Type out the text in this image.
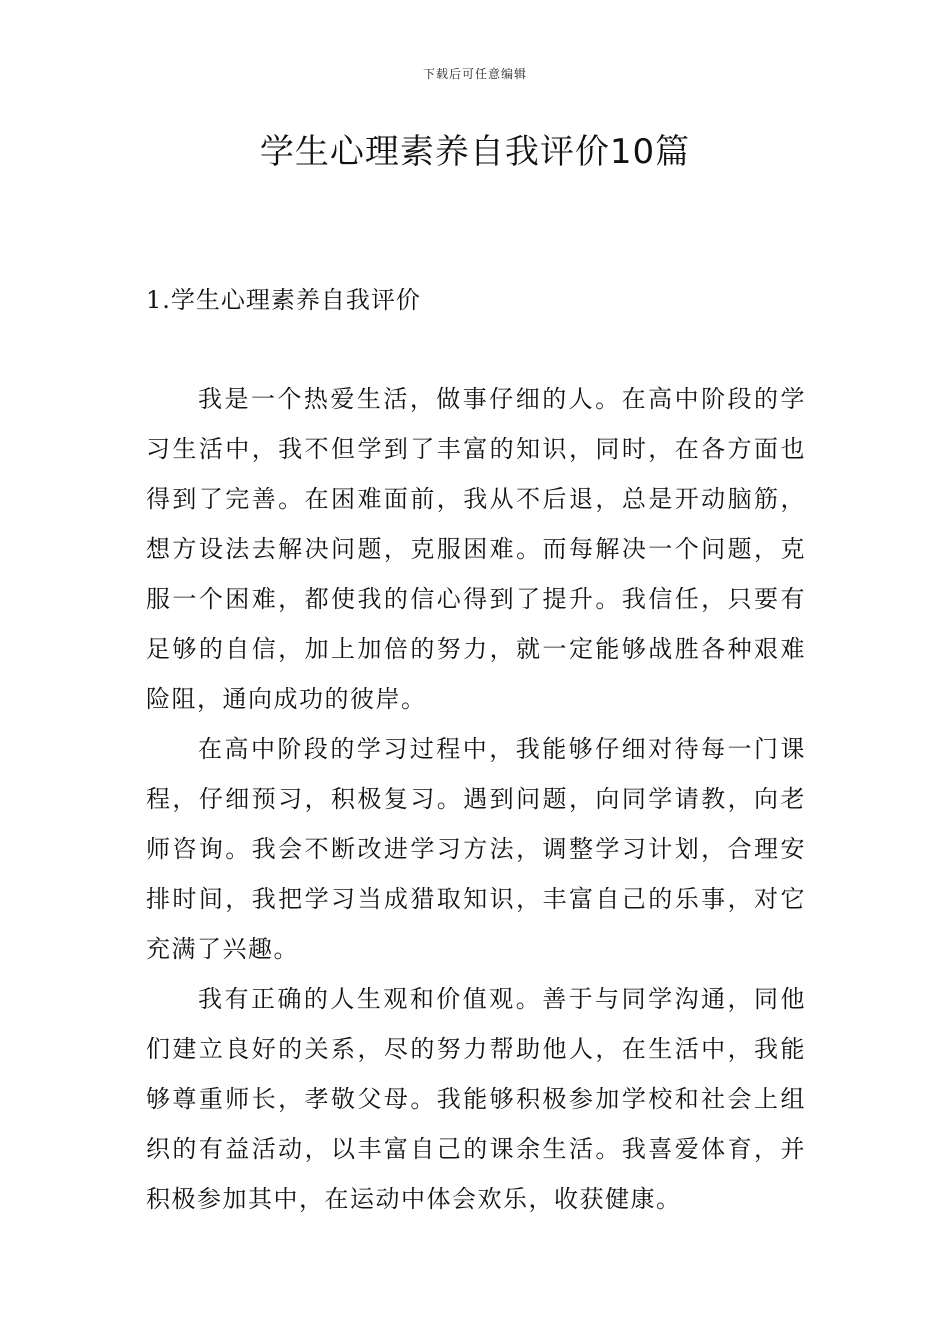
下载后可任意编辑
学生心理素养自我评价10篇
1.学生心理素养自我评价

我是一个热爱生活，做事仔细的人。在高中阶段的学习生活中，我不但学到了丰富的知识，同时，在各方面也得到了完善。在困难面前，我从不后退，总是开动脑筋，想方设法去解决问题，克服困难。而每解决一个问题，克服一个困难，都使我的信心得到了提升。我信任，只要有足够的自信，加上加倍的努力，就一定能够战胜各种艰难险阻，通向成功的彼岸。

在高中阶段的学习过程中，我能够仔细对待每一门课程，仔细预习，积极复习。遇到问题，向同学请教，向老师咨询。我会不断改进学习方法，调整学习计划，合理安排时间，我把学习当成猎取知识，丰富自己的乐事，对它充满了兴趣。

我有正确的人生观和价值观。善于与同学沟通，同他们建立良好的关系，尽的努力帮助他人，在生活中，我能够尊重师长，孝敬父母。我能够积极参加学校和社会上组织的有益活动，以丰富自己的课余生活。我喜爱体育，并积极参加其中，在运动中体会欢乐，收获健康。
